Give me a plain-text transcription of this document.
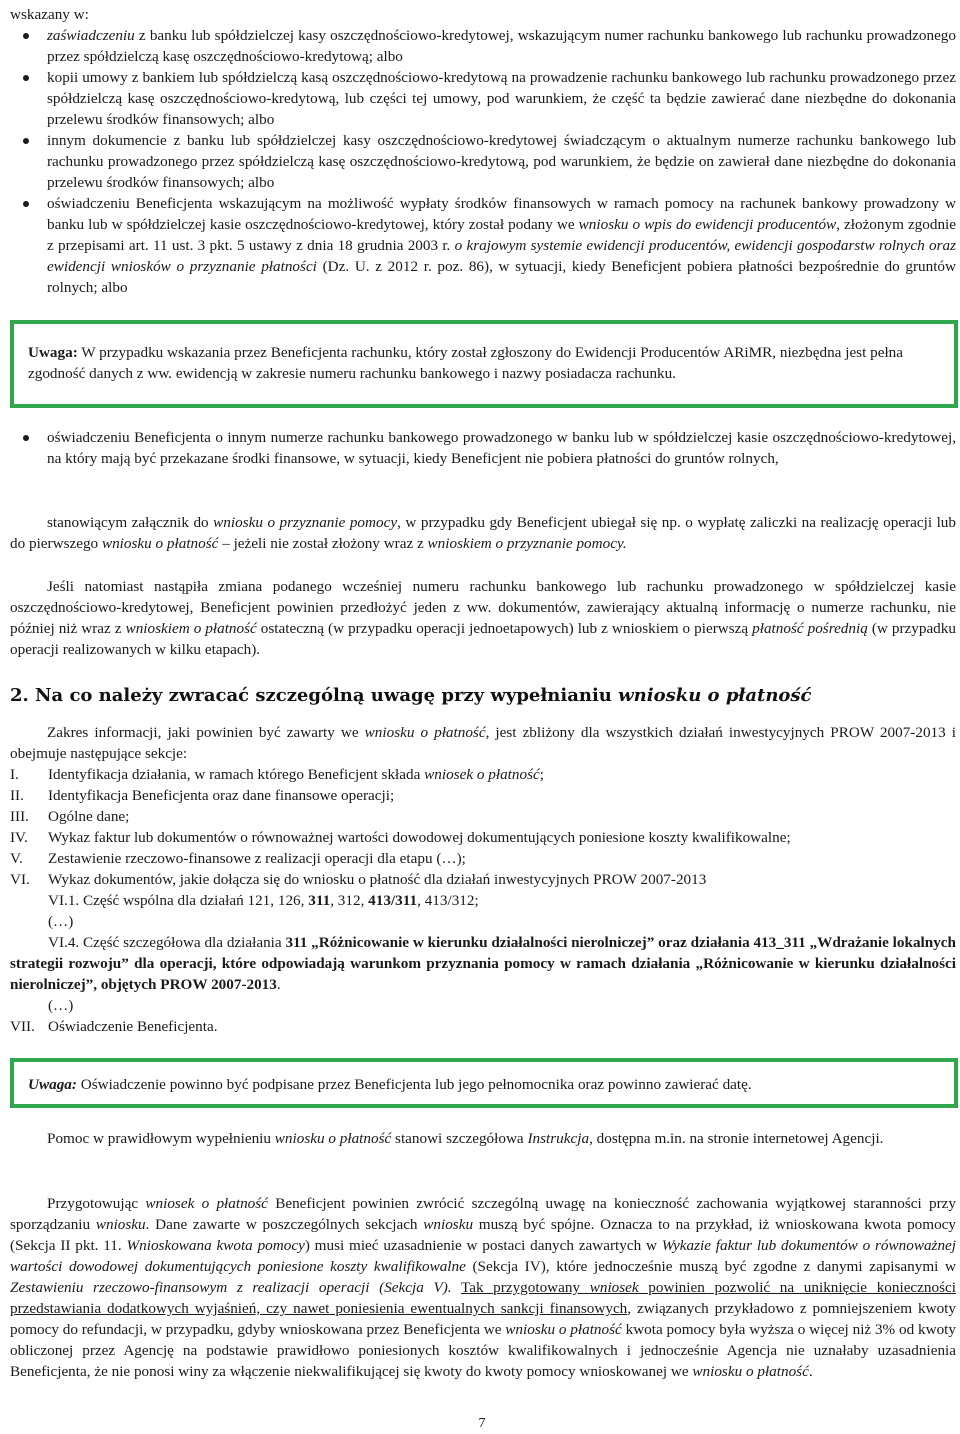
wskazany w:

zaświadczeniu z banku lub spółdzielczej kasy oszczędnościowo-kredytowej, wskazującym numer rachunku bankowego lub rachunku prowadzonego przez spółdzielczą kasę oszczędnościowo-kredytową; albo
kopii umowy z bankiem lub spółdzielczą kasą oszczędnościowo-kredytową na prowadzenie rachunku bankowego lub rachunku prowadzonego przez spółdzielczą kasę oszczędnościowo-kredytową, lub części tej umowy, pod warunkiem, że część ta będzie zawierać dane niezbędne do dokonania przelewu środków finansowych; albo
innym dokumencie z banku lub spółdzielczej kasy oszczędnościowo-kredytowej świadczącym o aktualnym numerze rachunku bankowego lub rachunku prowadzonego przez spółdzielczą kasę oszczędnościowo-kredytową, pod warunkiem, że będzie on zawierał dane niezbędne do dokonania przelewu środków finansowych; albo
oświadczeniu Beneficjenta wskazującym na możliwość wypłaty środków finansowych w ramach pomocy na rachunek bankowy prowadzony w banku lub w spółdzielczej kasie oszczędnościowo-kredytowej, który został podany we wniosku o wpis do ewidencji producentów, złożonym zgodnie z przepisami art. 11 ust. 3 pkt. 5 ustawy z dnia 18 grudnia 2003 r. o krajowym systemie ewidencji producentów, ewidencji gospodarstw rolnych oraz ewidencji wniosków o przyznanie płatności (Dz. U. z 2012 r. poz. 86), w sytuacji, kiedy Beneficjent pobiera płatności bezpośrednie do gruntów rolnych; albo

Uwaga: W przypadku wskazania przez Beneficjenta rachunku, który został zgłoszony do Ewidencji Producentów ARiMR, niezbędna jest pełna zgodność danych z ww. ewidencją w zakresie numeru rachunku bankowego i nazwy posiadacza rachunku.

oświadczeniu Beneficjenta o innym numerze rachunku bankowego prowadzonego w banku lub w spółdzielczej kasie oszczędnościowo-kredytowej, na który mają być przekazane środki finansowe, w sytuacji, kiedy Beneficjent nie pobiera płatności do gruntów rolnych,

stanowiącym załącznik do wniosku o przyznanie pomocy, w przypadku gdy Beneficjent ubiegał się np. o wypłatę zaliczki na realizację operacji lub do pierwszego wniosku o płatność – jeżeli nie został złożony wraz z wnioskiem o przyznanie pomocy.

Jeśli natomiast nastąpiła zmiana podanego wcześniej numeru rachunku bankowego lub rachunku prowadzonego w spółdzielczej kasie oszczędnościowo-kredytowej, Beneficjent powinien przedłożyć jeden z ww. dokumentów, zawierający aktualną informację o numerze rachunku, nie później niż wraz z wnioskiem o płatność ostateczną (w przypadku operacji jednoetapowych) lub z wnioskiem o pierwszą płatność pośrednią (w przypadku operacji realizowanych w kilku etapach).

2. Na co należy zwracać szczególną uwagę przy wypełnianiu wniosku o płatność

Zakres informacji, jaki powinien być zawarty we wniosku o płatność, jest zbliżony dla wszystkich działań inwestycyjnych PROW 2007-2013 i obejmuje następujące sekcje:

I. Identyfikacja działania, w ramach którego Beneficjent składa wniosek o płatność;
II. Identyfikacja Beneficjenta oraz dane finansowe operacji;
III. Ogólne dane;
IV. Wykaz faktur lub dokumentów o równoważnej wartości dowodowej dokumentujących poniesione koszty kwalifikowalne;
V. Zestawienie rzeczowo-finansowe z realizacji operacji dla etapu (…);
VI. Wykaz dokumentów, jakie dołącza się do wniosku o płatność dla działań inwestycyjnych PROW 2007-2013
VI.1. Część wspólna dla działań 121, 126, 311, 312, 413/311, 413/312;
(…)

VI.4. Część szczegółowa dla działania 311 „Różnicowanie w kierunku działalności nierolniczej” oraz działania 413_311 „Wdrażanie lokalnych strategii rozwoju” dla operacji, które odpowiadają warunkom przyznania pomocy w ramach działania „Różnicowanie w kierunku działalności nierolniczej”, objętych PROW 2007-2013.

(…)
VII. Oświadczenie Beneficjenta.

Uwaga: Oświadczenie powinno być podpisane przez Beneficjenta lub jego pełnomocnika oraz powinno zawierać datę.

Pomoc w prawidłowym wypełnieniu wniosku o płatność stanowi szczegółowa Instrukcja, dostępna m.in. na stronie internetowej Agencji.

Przygotowując wniosek o płatność Beneficjent powinien zwrócić szczególną uwagę na konieczność zachowania wyjątkowej staranności przy sporządzaniu wniosku. Dane zawarte w poszczególnych sekcjach wniosku muszą być spójne. Oznacza to na przykład, iż wnioskowana kwota pomocy (Sekcja II pkt. 11. Wnioskowana kwota pomocy) musi mieć uzasadnienie w postaci danych zawartych w Wykazie faktur lub dokumentów o równoważnej wartości dowodowej dokumentujących poniesione koszty kwalifikowalne (Sekcja IV), które jednocześnie muszą być zgodne z danymi zapisanymi w Zestawieniu rzeczowo-finansowym z realizacji operacji (Sekcja V). Tak przygotowany wniosek powinien pozwolić na uniknięcie konieczności przedstawiania dodatkowych wyjaśnień, czy nawet poniesienia ewentualnych sankcji finansowych, związanych przykładowo z pomniejszeniem kwoty pomocy do refundacji, w przypadku, gdyby wnioskowana przez Beneficjenta we wniosku o płatność kwota pomocy była wyższa o więcej niż 3% od kwoty obliczonej przez Agencję na podstawie prawidłowo poniesionych kosztów kwalifikowalnych i jednocześnie Agencja nie uznałaby uzasadnienia Beneficjenta, że nie ponosi winy za włączenie niekwalifikującej się kwoty do kwoty pomocy wnioskowanej we wniosku o płatność.

7
